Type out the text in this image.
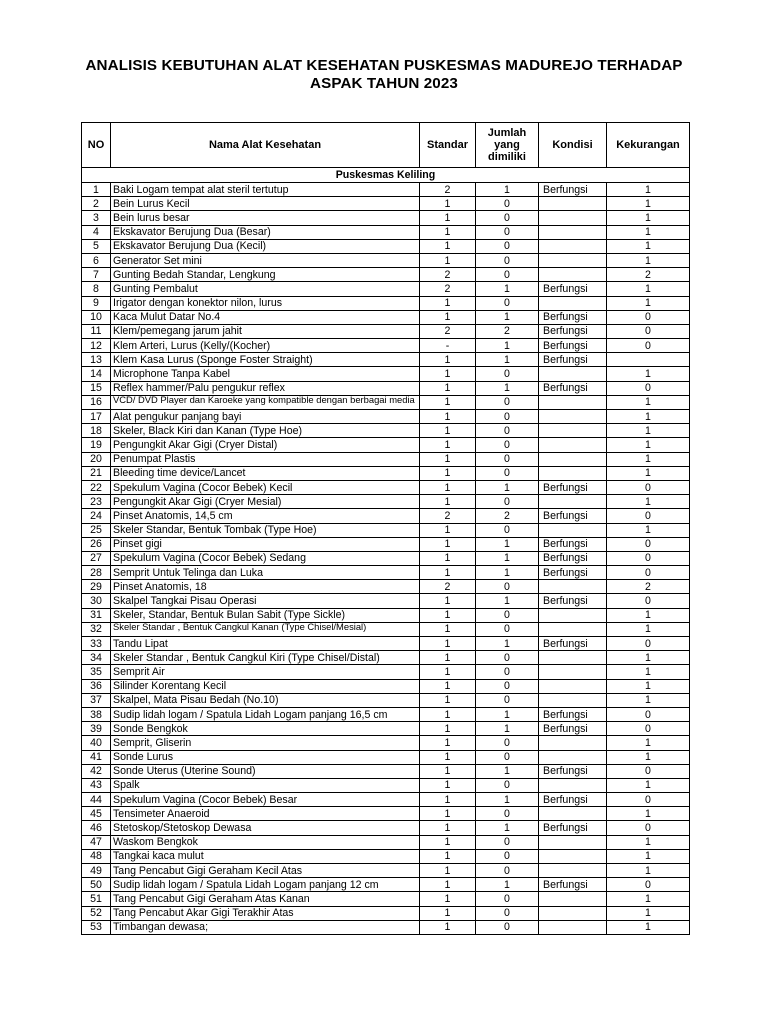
ANALISIS KEBUTUHAN ALAT KESEHATAN PUSKESMAS MADUREJO TERHADAP
ASPAK TAHUN 2023
NO	Nama Alat Kesehatan	Standar	Jumlah yang dimiliki	Kondisi	Kekurangan
Puskesmas Keliling					
1	Baki Logam tempat alat steril tertutup	2	1	Berfungsi	1
2	Bein Lurus Kecil	1	0		1
3	Bein lurus besar	1	0		1
4	Ekskavator Berujung Dua (Besar)	1	0		1
5	Ekskavator Berujung Dua (Kecil)	1	0		1
6	Generator Set mini	1	0		1
7	Gunting Bedah Standar, Lengkung	2	0		2
8	Gunting Pembalut	2	1	Berfungsi	1
9	Irigator dengan konektor nilon, lurus	1	0		1
10	Kaca Mulut Datar No.4	1	1	Berfungsi	0
11	Klem/pemegang jarum jahit	2	2	Berfungsi	0
12	Klem Arteri, Lurus (Kelly/(Kocher)	-	1	Berfungsi	0
13	Klem Kasa Lurus (Sponge Foster Straight)	1	1	Berfungsi	
14	Microphone Tanpa Kabel	1	0		1
15	Reflex hammer/Palu pengukur reflex	1	1	Berfungsi	0
16	VCD/ DVD Player dan Karoeke yang kompatible dengan berbagai media	1	0		1
17	Alat pengukur panjang bayi	1	0		1
18	Skeler, Black Kiri dan Kanan (Type Hoe)	1	0		1
19	Pengungkit Akar Gigi (Cryer Distal)	1	0		1
20	Penumpat Plastis	1	0		1
21	Bleeding time device/Lancet	1	0		1
22	Spekulum Vagina (Cocor Bebek) Kecil	1	1	Berfungsi	0
23	Pengungkit Akar Gigi (Cryer Mesial)	1	0		1
24	Pinset Anatomis, 14,5 cm	2	2	Berfungsi	0
25	Skeler Standar, Bentuk Tombak (Type Hoe)	1	0		1
26	Pinset gigi	1	1	Berfungsi	0
27	Spekulum Vagina (Cocor Bebek) Sedang	1	1	Berfungsi	0
28	Semprit Untuk Telinga dan Luka	1	1	Berfungsi	0
29	Pinset Anatomis, 18	2	0		2
30	Skalpel Tangkai Pisau Operasi	1	1	Berfungsi	0
31	Skeler, Standar, Bentuk Bulan Sabit (Type Sickle)	1	0		1
32	Skeler Standar , Bentuk Cangkul Kanan (Type Chisel/Mesial)	1	0		1
33	Tandu Lipat	1	1	Berfungsi	0
34	Skeler Standar , Bentuk Cangkul Kiri (Type Chisel/Distal)	1	0		1
35	Semprit Air	1	0		1
36	Silinder Korentang Kecil	1	0		1
37	Skalpel, Mata Pisau Bedah (No.10)	1	0		1
38	Sudip lidah logam / Spatula Lidah Logam panjang 16,5 cm	1	1	Berfungsi	0
39	Sonde Bengkok	1	1	Berfungsi	0
40	Semprit, Gliserin	1	0		1
41	Sonde Lurus	1	0		1
42	Sonde Uterus (Uterine Sound)	1	1	Berfungsi	0
43	Spalk	1	0		1
44	Spekulum Vagina (Cocor Bebek) Besar	1	1	Berfungsi	0
45	Tensimeter Anaeroid	1	0		1
46	Stetoskop/Stetoskop Dewasa	1	1	Berfungsi	0
47	Waskom Bengkok	1	0		1
48	Tangkai kaca mulut	1	0		1
49	Tang Pencabut Gigi Geraham Kecil Atas	1	0		1
50	Sudip lidah logam / Spatula Lidah Logam panjang 12 cm	1	1	Berfungsi	0
51	Tang Pencabut Gigi Geraham Atas Kanan	1	0		1
52	Tang Pencabut Akar Gigi Terakhir Atas	1	0		1
53	Timbangan dewasa;	1	0		1
